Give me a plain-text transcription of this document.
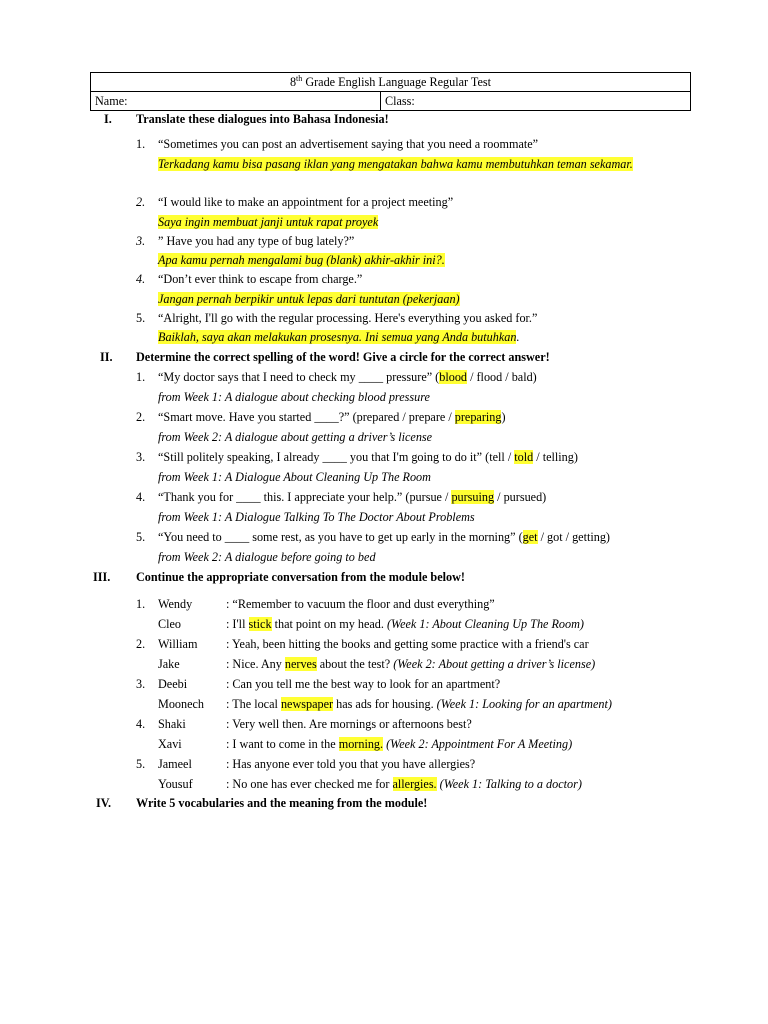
8th Grade English Language Regular Test
Name:	Class:
I. Translate these dialogues into Bahasa Indonesia!
1. “Sometimes you can post an advertisement saying that you need a roommate”
Terkadang kamu bisa pasang iklan yang mengatakan bahwa kamu membutuhkan teman sekamar.
2. “I would like to make an appointment for a project meeting”
Saya ingin membuat janji untuk rapat proyek
3. ” Have you had any type of bug lately?”
Apa kamu pernah mengalami bug (blank) akhir-akhir ini?.
4. “Don’t ever think to escape from charge.”
Jangan pernah berpikir untuk lepas dari tuntutan (pekerjaan)
5. “Alright, I'll go with the regular processing. Here's everything you asked for.”
Baiklah, saya akan melakukan prosesnya. Ini semua yang Anda butuhkan.
II. Determine the correct spelling of the word! Give a circle for the correct answer!
1. “My doctor says that I need to check my ____ pressure” (blood / flood / bald)
from Week 1: A dialogue about checking blood pressure
2. “Smart move. Have you started ____?” (prepared / prepare / preparing)
from Week 2: A dialogue about getting a driver’s license
3. “Still politely speaking, I already ____ you that I'm going to do it” (tell / told / telling)
from Week 1: A Dialogue About Cleaning Up The Room
4. “Thank you for ____ this. I appreciate your help.” (pursue / pursuing / pursued)
from Week 1: A Dialogue Talking To The Doctor About Problems
5. “You need to ____ some rest, as you have to get up early in the morning” (get / got / getting)
from Week 2: A dialogue before going to bed
III. Continue the appropriate conversation from the module below!
1. Wendy	: “Remember to vacuum the floor and dust everything”
Cleo	: I'll stick that point on my head. (Week 1: About Cleaning Up The Room)
2. William : Yeah, been hitting the books and getting some practice with a friend's car
Jake	: Nice. Any nerves about the test? (Week 2: About getting a driver’s license)
3. Deebi	: Can you tell me the best way to look for an apartment?
Moonech : The local newspaper has ads for housing. (Week 1: Looking for an apartment)
4. Shaki	: Very well then. Are mornings or afternoons best?
Xavi	: I want to come in the morning. (Week 2: Appointment For A Meeting)
5. Jameel	: Has anyone ever told you that you have allergies?
Yousuf	: No one has ever checked me for allergies. (Week 1: Talking to a doctor)
IV. Write 5 vocabularies and the meaning from the module!
